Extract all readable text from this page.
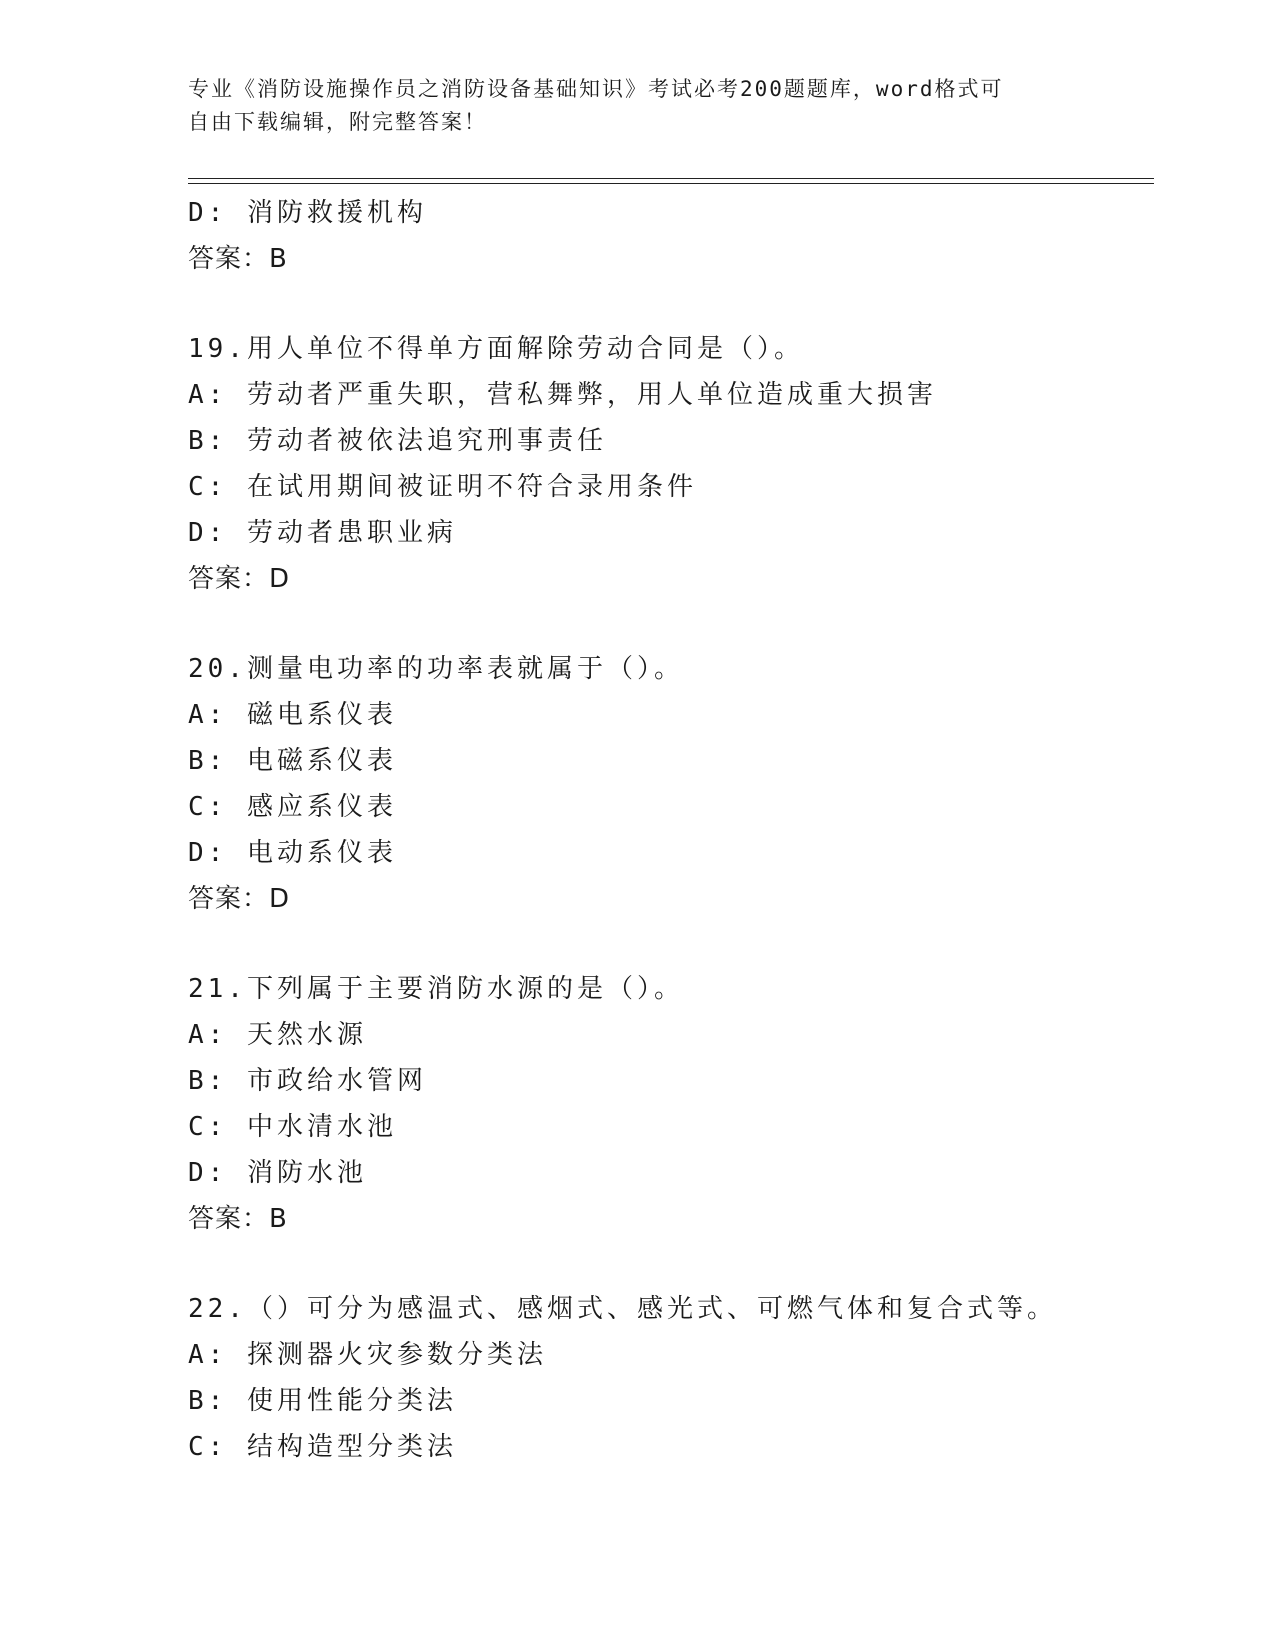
专业《消防设施操作员之消防设备基础知识》考试必考200题题库，word格式可
自由下载编辑，附完整答案！
D: 消防救援机构
答案：B
19.用人单位不得单方面解除劳动合同是（）。
A: 劳动者严重失职，营私舞弊，用人单位造成重大损害
B: 劳动者被依法追究刑事责任
C: 在试用期间被证明不符合录用条件
D: 劳动者患职业病
答案：D
20.测量电功率的功率表就属于（）。
A: 磁电系仪表
B: 电磁系仪表
C: 感应系仪表
D: 电动系仪表
答案：D
21.下列属于主要消防水源的是（）。
A: 天然水源
B: 市政给水管网
C: 中水清水池
D: 消防水池
答案：B
22.（）可分为感温式、感烟式、感光式、可燃气体和复合式等。
A: 探测器火灾参数分类法
B: 使用性能分类法
C: 结构造型分类法
